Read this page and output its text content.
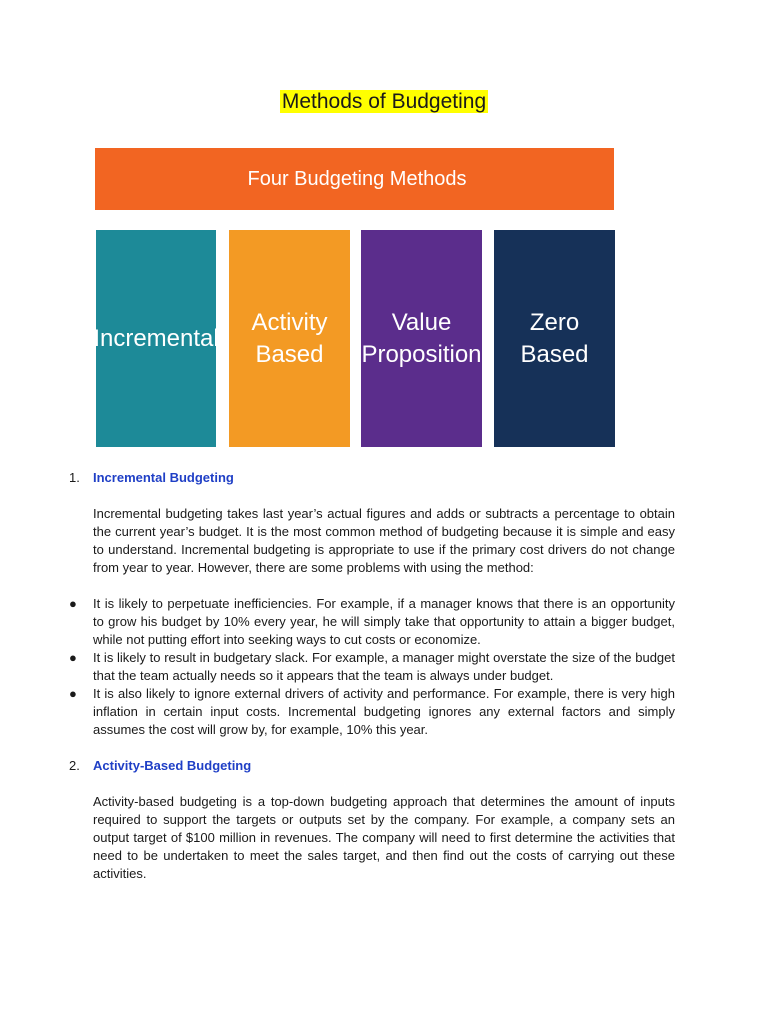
Methods of Budgeting
Four Budgeting Methods
Incremental
Activity
Based
Value
Proposition
Zero
Based

1.	Incremental Budgeting

Incremental budgeting takes last year’s actual figures and adds or subtracts a percentage to obtain the current year’s budget. It is the most common method of budgeting because it is simple and easy to understand. Incremental budgeting is appropriate to use if the primary cost drivers do not change from year to year. However, there are some problems with using the method:

●	It is likely to perpetuate inefficiencies. For example, if a manager knows that there is an opportunity to grow his budget by 10% every year, he will simply take that opportunity to attain a bigger budget, while not putting effort into seeking ways to cut costs or economize.
●	It is likely to result in budgetary slack. For example, a manager might overstate the size of the budget that the team actually needs so it appears that the team is always under budget.
●	It is also likely to ignore external drivers of activity and performance. For example, there is very high inflation in certain input costs. Incremental budgeting ignores any external factors and simply assumes the cost will grow by, for example, 10% this year.

2.	Activity-Based Budgeting

Activity-based budgeting is a top-down budgeting approach that determines the amount of inputs required to support the targets or outputs set by the company. For example, a company sets an output target of $100 million in revenues. The company will need to first determine the activities that need to be undertaken to meet the sales target, and then find out the costs of carrying out these activities.
